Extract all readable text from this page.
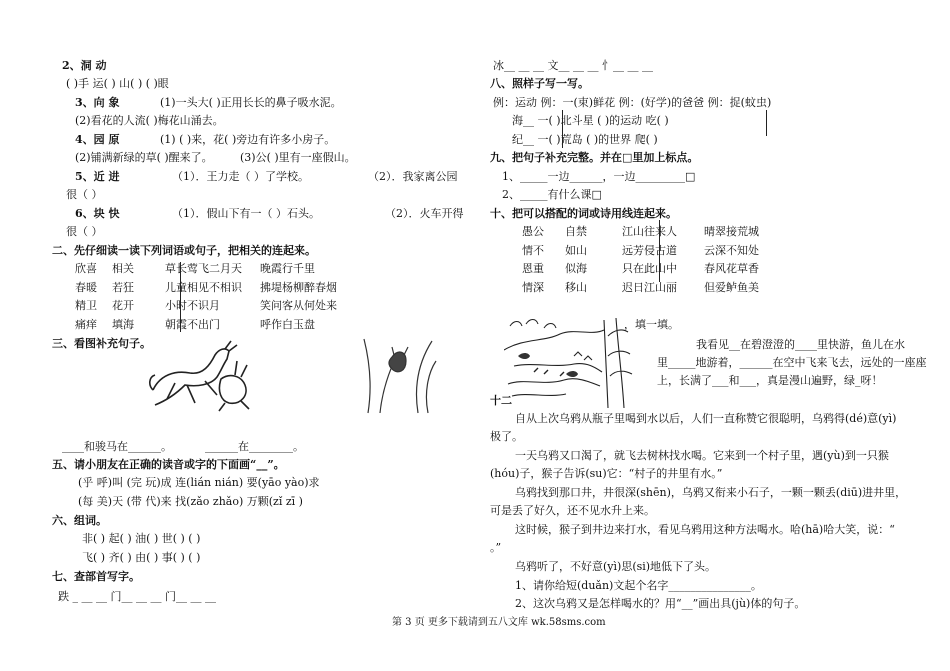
2、洞 动
( )手 运( ) 山( ) ( )眼
3、向 象	(1)一头大( )正用长长的鼻子吸水泥。
(2)看花的人流( )梅花山涌去。
4、园 原	(1) ( )来，花( )旁边有许多小房子。
(2)铺满新绿的草( )醒来了。 (3)公( )里有一座假山。
5、近 进	（1）．王力走（ ）了学校。	（2）．我家离公园
很（ ）
6、块 快	（1）．假山下有一（ ）石头。	（2）．火车开得
很（ ）
二、先仔细读一读下列词语或句子，把相关的连起来。
欣喜 相关	草长莺飞二月天 晚霞行千里
春暖 若狂	儿童相见不相识 拂堤杨柳醉春烟
精卫 花开	小时不识月	笑问客从何处来
痛痒 填海	朝霞不出门	呼作白玉盘
三、看图补充句子。
____和骏马在______。	______在________。
五、请小朋友在正确的读音或字的下面画“__”。
(乎 呼)叫 (完 玩)成 连(lián nián) 要(yāo yào)求
(每 美)天 (带 代)来 找(zǎo zhǎo) 万颗(zǐ zī )
六、组词。
非( ) 起( ) 油( ) 世( ) ( )
飞( ) 齐( ) 由( ) 事( ) ( )
七、查部首写字。
跌 _ __ __ 门__ __ __ 门__ __ __
冰__ __ __ 文__ __ __ 忄__ __ __
八、照样子写一写。
例：运动 例：一(束)鲜花 例：(好学)的爸爸 例：捉(蚊虫)
海__ 一( )北斗星 ( )的运动 吃( )
纪__ 一( )荒岛 ( )的世界 爬( )
九、把句子补充完整。并在□里加上标点。
1、_____一边______，一边_________□
2、_____有什么课□
十、把可以搭配的词或诗用线连起来。
愚公 自禁	江山往来人 晴翠接荒城
情不 如山	远芳侵古道 云深不知处
恩重 似海	只在此山中 春风花草香
情深 移山	迟日江山丽 但爱鲈鱼美
，填一填。
我看见__在碧澄澄的____里快游，鱼儿在水
里_____地游着，______在空中飞来飞去，远处的一座座
上，长满了___和___，真是漫山遍野，绿_呀！
十二
自从上次乌鸦从瓶子里喝到水以后，人们一直称赞它很聪明，乌鸦得(dé)意(yì)
极了。
一天乌鸦又口渴了，就飞去树林找水喝。它来到一个村子里，遇(yù)到一只猴
(hóu)子，猴子告诉(su)它：“村子的井里有水。”
乌鸦找到那口井，井很深(shēn)，乌鸦又衔来小石子，一颗一颗丢(diū)进井里，
可是丢了好久，还不见水升上来。
这时候，猴子到井边来打水，看见乌鸦用这种方法喝水。哈(hā)哈大笑，说：“
。”
乌鸦听了，不好意(yì)思(si)地低下了头。
1、请你给短(duǎn)文起个名字_______________。
2、这次乌鸦又是怎样喝水的？用“__”画出具(jù)体的句子。
第 3 页 更多下载请到五八文库 wk.58sms.com
